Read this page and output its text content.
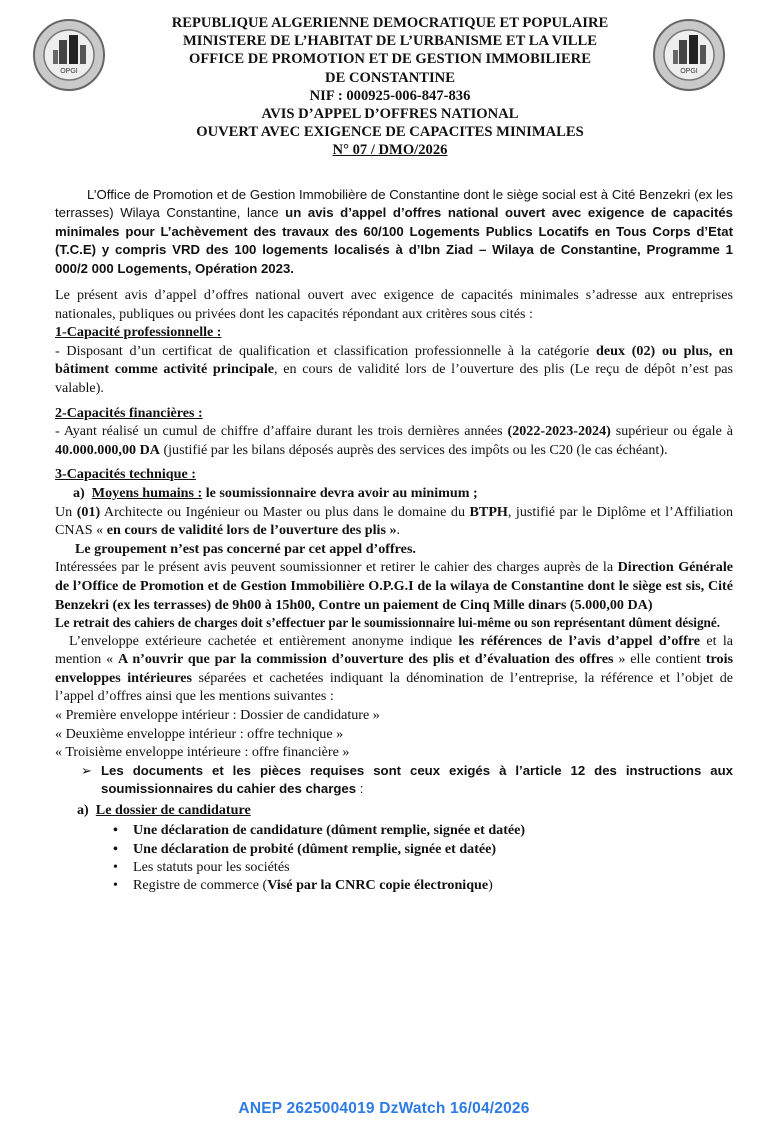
OPGI	OPGI
REPUBLIQUE ALGERIENNE DEMOCRATIQUE ET POPULAIRE
MINISTERE DE L’HABITAT DE L’URBANISME ET LA VILLE
OFFICE DE PROMOTION ET DE GESTION IMMOBILIERE
DE CONSTANTINE
NIF : 000925-006-847-836
AVIS D’APPEL D’OFFRES NATIONAL
OUVERT AVEC EXIGENCE DE CAPACITES MINIMALES
N° 07 / DMO/2026

L’Office de Promotion et de Gestion Immobilière de Constantine dont le siège social est à Cité Benzekri (ex les terrasses) Wilaya Constantine, lance un avis d’appel d’offres national ouvert avec exigence de capacités minimales pour L’achèvement des travaux des 60/100 Logements Publics Locatifs en Tous Corps d’Etat (T.C.E) y compris VRD des 100 logements localisés à d’Ibn Ziad – Wilaya de Constantine, Programme 1 000/2 000 Logements, Opération 2023.

Le présent avis d’appel d’offres national ouvert avec exigence de capacités minimales s’adresse aux entreprises nationales, publiques ou privées dont les capacités répondant aux critères sous cités :

1-Capacité professionnelle :

- Disposant d’un certificat de qualification et classification professionnelle à la catégorie deux (02) ou plus, en bâtiment comme activité principale, en cours de validité lors de l’ouverture des plis (Le reçu de dépôt n’est pas valable).

2-Capacités financières :

- Ayant réalisé un cumul de chiffre d’affaire durant les trois dernières années (2022-2023-2024) supérieur ou égale à 40.000.000,00 DA (justifié par les bilans déposés auprès des services des impôts ou les C20 (le cas échéant).

3-Capacités technique :
a) Moyens humains : le soumissionnaire devra avoir au minimum ;

Un (01) Architecte ou Ingénieur ou Master ou plus dans le domaine du BTPH, justifié par le Diplôme et l’Affiliation CNAS « en cours de validité lors de l’ouverture des plis ».

Le groupement n’est pas concerné par cet appel d’offres.

Intéressées par le présent avis peuvent soumissionner et retirer le cahier des charges auprès de la Direction Générale de l’Office de Promotion et de Gestion Immobilière O.P.G.I de la wilaya de Constantine dont le siège est sis, Cité Benzekri (ex les terrasses) de 9h00 à 15h00, Contre un paiement de Cinq Mille dinars (5.000,00 DA)

Le retrait des cahiers de charges doit s’effectuer par le soumissionnaire lui-même ou son représentant dûment désigné.

L’enveloppe extérieure cachetée et entièrement anonyme indique les références de l’avis d’appel d’offre et la mention « A n’ouvrir que par la commission d’ouverture des plis et d’évaluation des offres » elle contient trois enveloppes intérieures séparées et cachetées indiquant la dénomination de l’entreprise, la référence et l’objet de l’appel d’offres ainsi que les mentions suivantes :

« Première enveloppe intérieur : Dossier de candidature »
« Deuxième enveloppe intérieur : offre technique »
« Troisième enveloppe intérieure : offre financière »
➢ Les documents et les pièces requises sont ceux exigés à l’article 12 des instructions aux soumissionnaires du cahier des charges :

a) Le dossier de candidature
• Une déclaration de candidature (dûment remplie, signée et datée)
• Une déclaration de probité (dûment remplie, signée et datée)
• Les statuts pour les sociétés
• Registre de commerce (Visé par la CNRC copie électronique)
ANEP 2625004019 DzWatch 16/04/2026
